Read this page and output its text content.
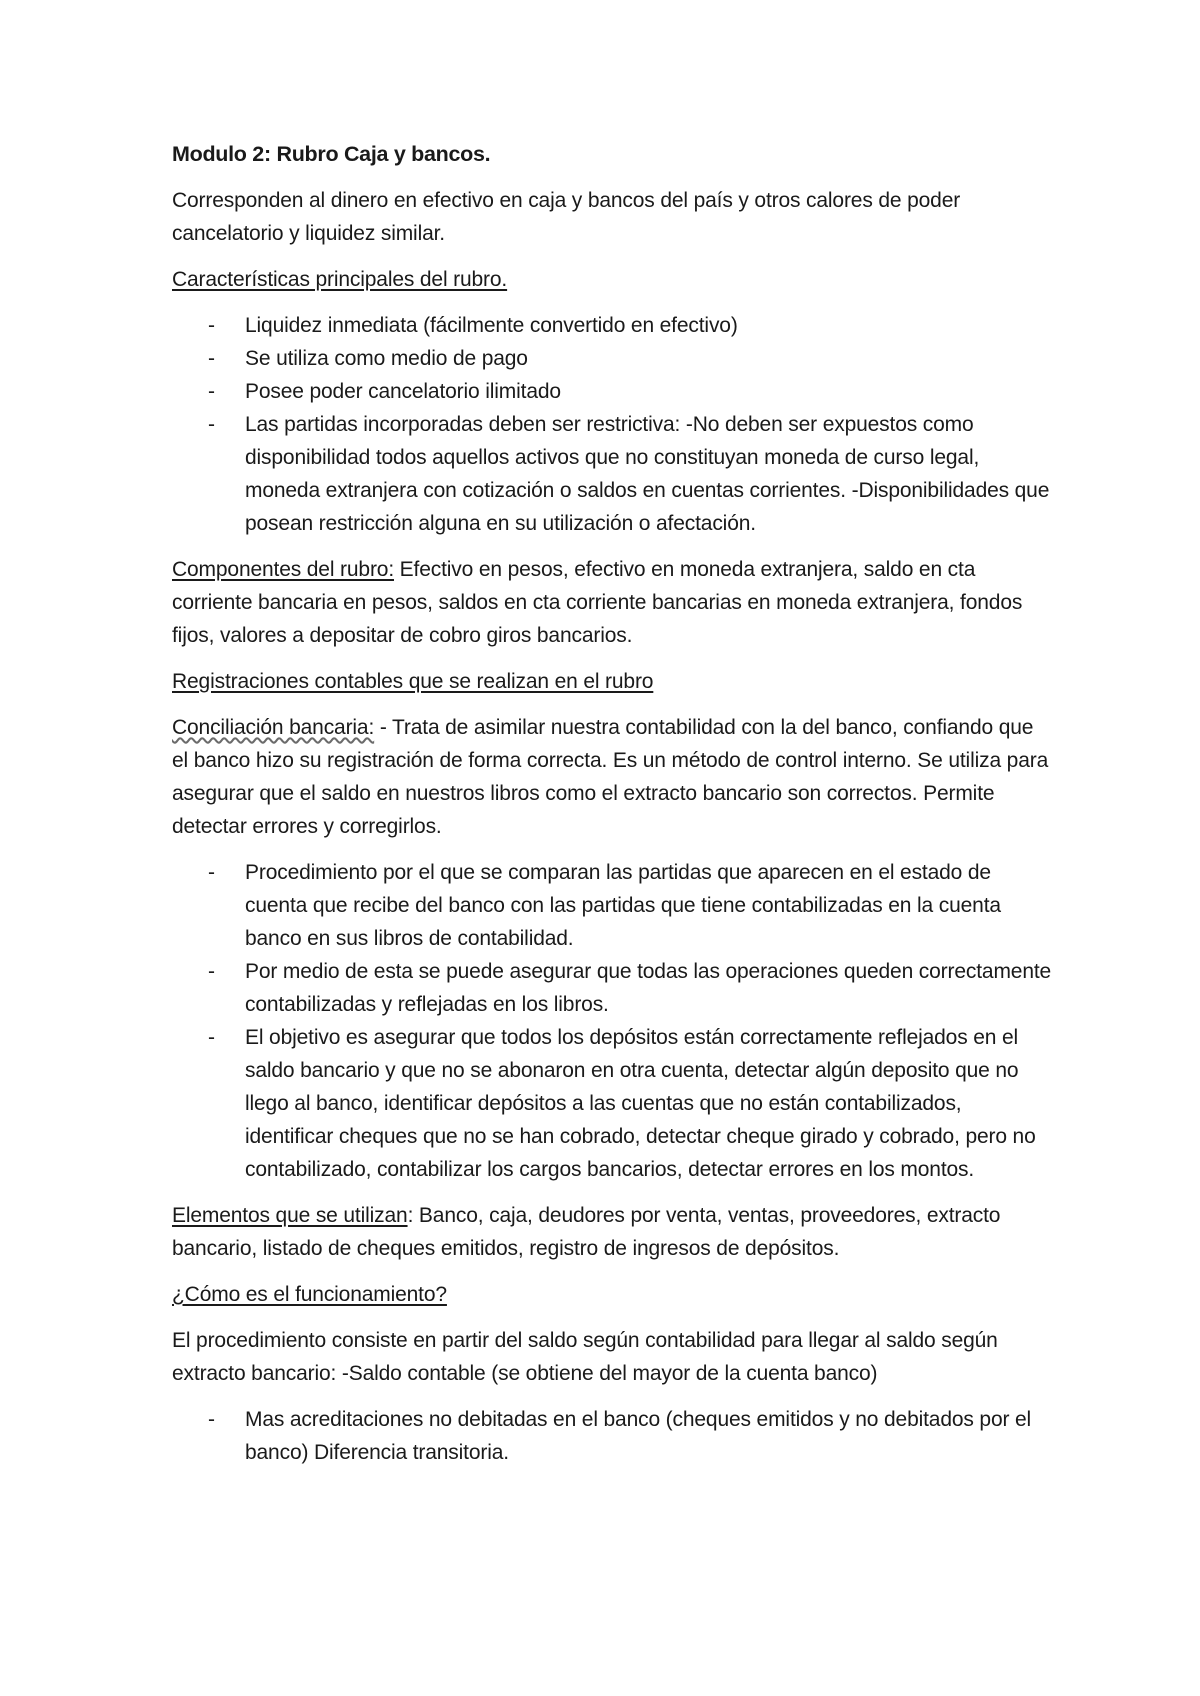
Modulo 2: Rubro Caja y bancos.

Corresponden al dinero en efectivo en caja y bancos del país y otros calores de poder cancelatorio y liquidez similar.

Características principales del rubro.

- Liquidez inmediata (fácilmente convertido en efectivo)
- Se utiliza como medio de pago
- Posee poder cancelatorio ilimitado
- Las partidas incorporadas deben ser restrictiva: -No deben ser expuestos como disponibilidad todos aquellos activos que no constituyan moneda de curso legal, moneda extranjera con cotización o saldos en cuentas corrientes. -Disponibilidades que posean restricción alguna en su utilización o afectación.

Componentes del rubro: Efectivo en pesos, efectivo en moneda extranjera, saldo en cta corriente bancaria en pesos, saldos en cta corriente bancarias en moneda extranjera, fondos fijos, valores a depositar de cobro giros bancarios.

Registraciones contables que se realizan en el rubro

Conciliación bancaria: - Trata de asimilar nuestra contabilidad con la del banco, confiando que el banco hizo su registración de forma correcta. Es un método de control interno. Se utiliza para asegurar que el saldo en nuestros libros como el extracto bancario son correctos. Permite detectar errores y corregirlos.

- Procedimiento por el que se comparan las partidas que aparecen en el estado de cuenta que recibe del banco con las partidas que tiene contabilizadas en la cuenta banco en sus libros de contabilidad.
- Por medio de esta se puede asegurar que todas las operaciones queden correctamente contabilizadas y reflejadas en los libros.
- El objetivo es asegurar que todos los depósitos están correctamente reflejados en el saldo bancario y que no se abonaron en otra cuenta, detectar algún deposito que no llego al banco, identificar depósitos a las cuentas que no están contabilizados, identificar cheques que no se han cobrado, detectar cheque girado y cobrado, pero no contabilizado, contabilizar los cargos bancarios, detectar errores en los montos.

Elementos que se utilizan: Banco, caja, deudores por venta, ventas, proveedores, extracto bancario, listado de cheques emitidos, registro de ingresos de depósitos.

¿Cómo es el funcionamiento?

El procedimiento consiste en partir del saldo según contabilidad para llegar al saldo según extracto bancario: -Saldo contable (se obtiene del mayor de la cuenta banco)

- Mas acreditaciones no debitadas en el banco (cheques emitidos y no debitados por el banco) Diferencia transitoria.
